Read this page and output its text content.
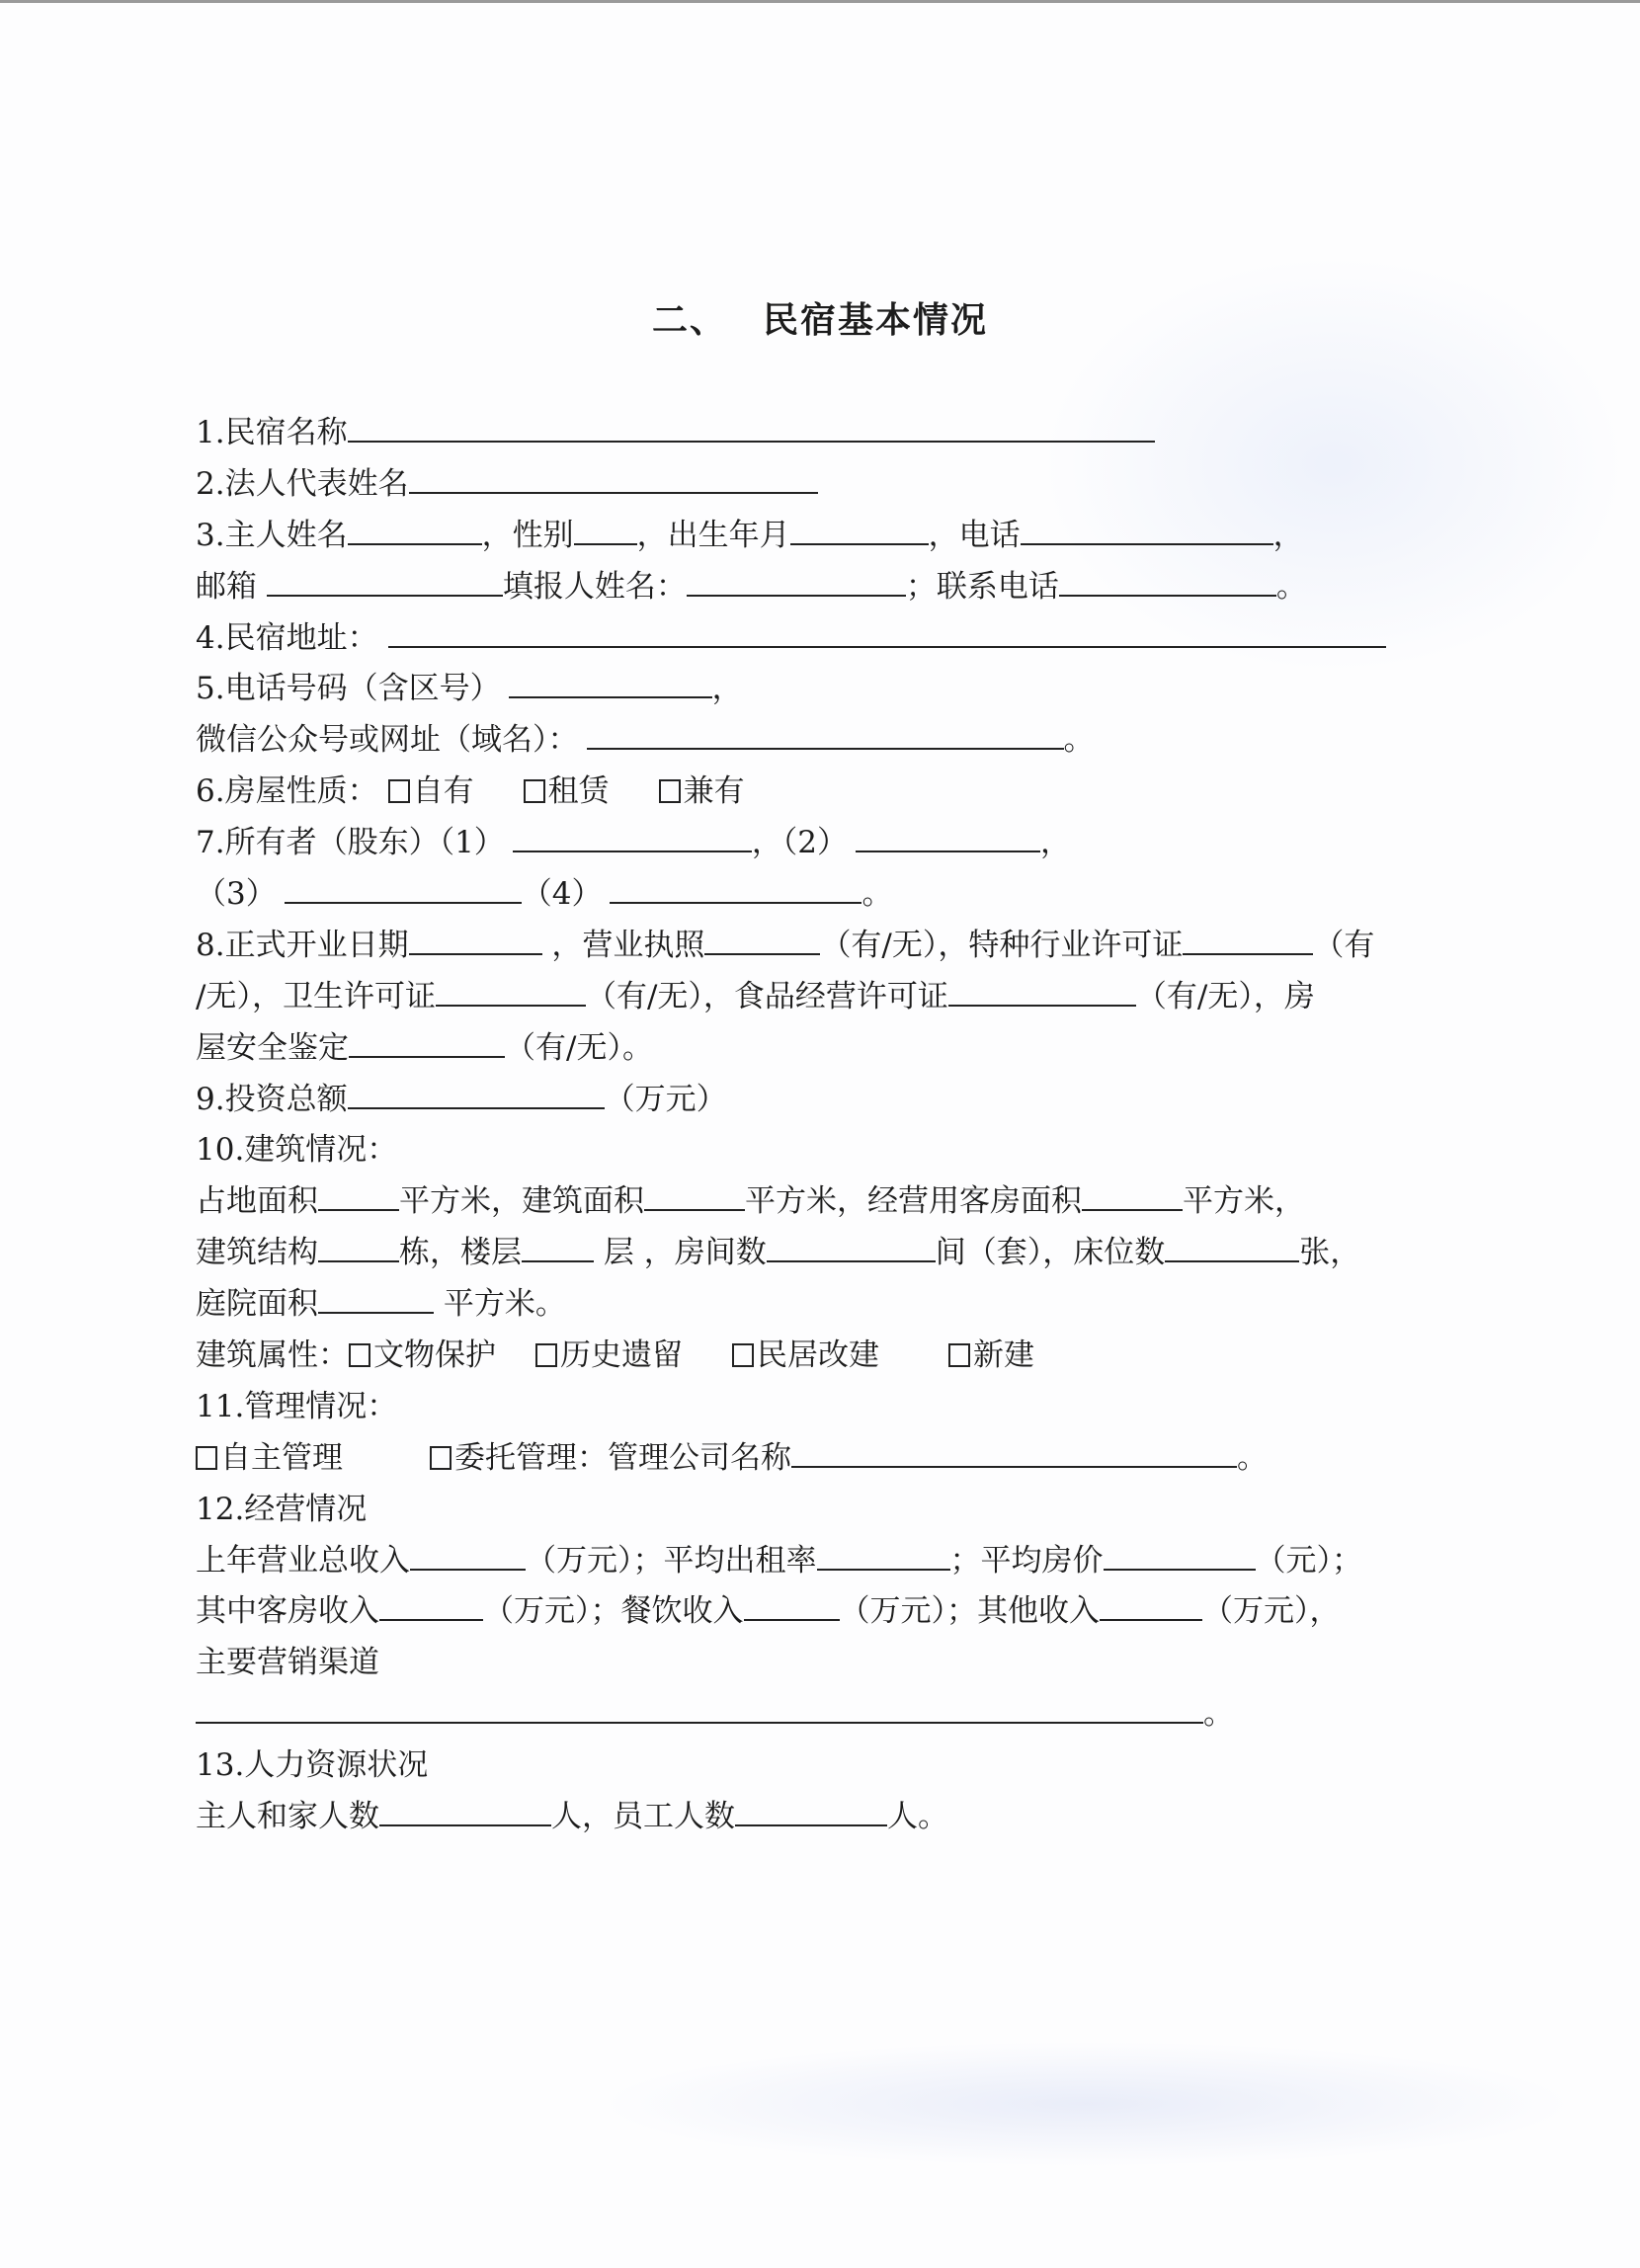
二、 民宿基本情况
1.民宿名称
2.法人代表姓名
3.主人姓名	，性别 ，出生年月	，电话	，
邮箱	填报人姓名：	；联系电话	。
4.民宿地址：
5.电话号码（含区号）	，
微信公众号或网址（域名）：	。
6.房屋性质： 自有 租赁 兼有
7.所有者（股东）（1）	，（2）	，
（3）	（4）	。
8.正式开业日期	，营业执照	（有/无），特种行业许可证	（有
/无），卫生许可证	（有/无），食品经营许可证	（有/无），房
屋安全鉴定	（有/无）。
9.投资总额	（万元）
10.建筑情况：
占地面积	平方米，建筑面积	平方米，经营用客房面积	平方米，
建筑结构	栋，楼层 层 ，房间数	间（套），床位数	张，
庭院面积	平方米。
建筑属性： 文物保护 历史遗留 民居改建	新建
11.管理情况：
自主管理	委托管理：管理公司名称	。
12.经营情况
上年营业总收入	（万元）；平均出租率	；平均房价	（元）；
其中客房收入	（万元）；餐饮收入	（万元）；其他收入	（万元），
主要营销渠道
。
13.人力资源状况
主人和家人数	人，员工人数	人。
